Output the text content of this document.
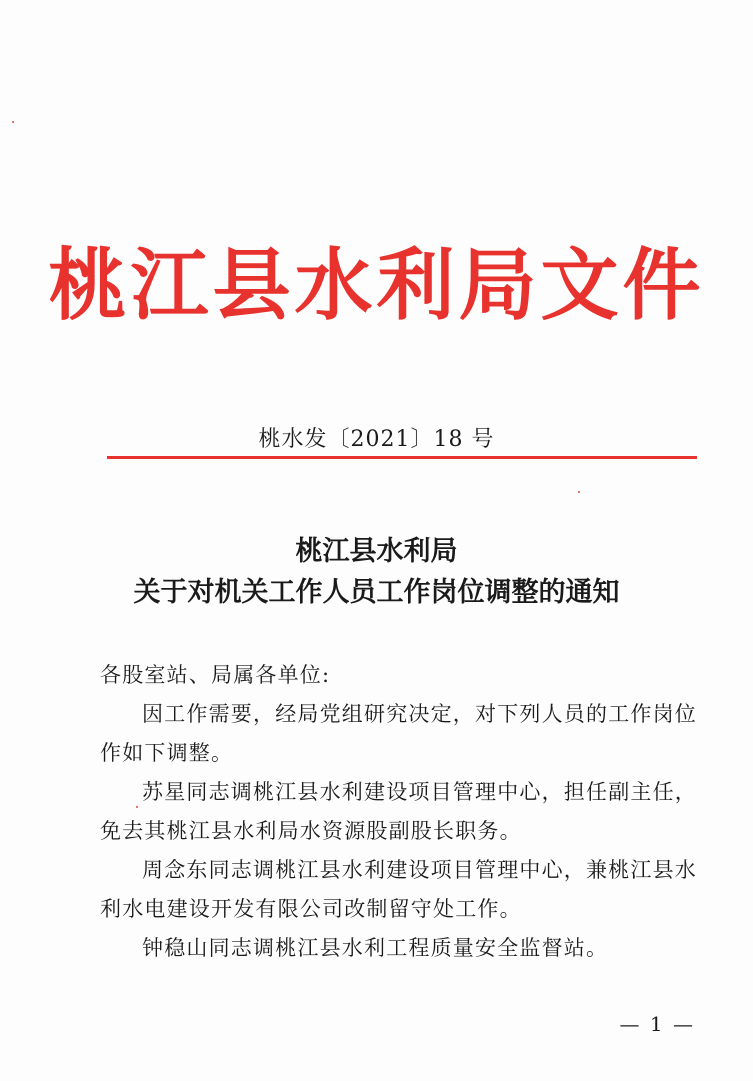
桃江县水利局文件
桃水发〔2021〕18 号
桃江县水利局
关于对机关工作人员工作岗位调整的通知

各股室站、局属各单位:

因工作需要，经局党组研究决定，对下列人员的工作岗位作如下调整。

苏星同志调桃江县水利建设项目管理中心，担任副主任，免去其桃江县水利局水资源股副股长职务。

周念东同志调桃江县水利建设项目管理中心，兼桃江县水利水电建设开发有限公司改制留守处工作。

钟稳山同志调桃江县水利工程质量安全监督站。

— 1 —
